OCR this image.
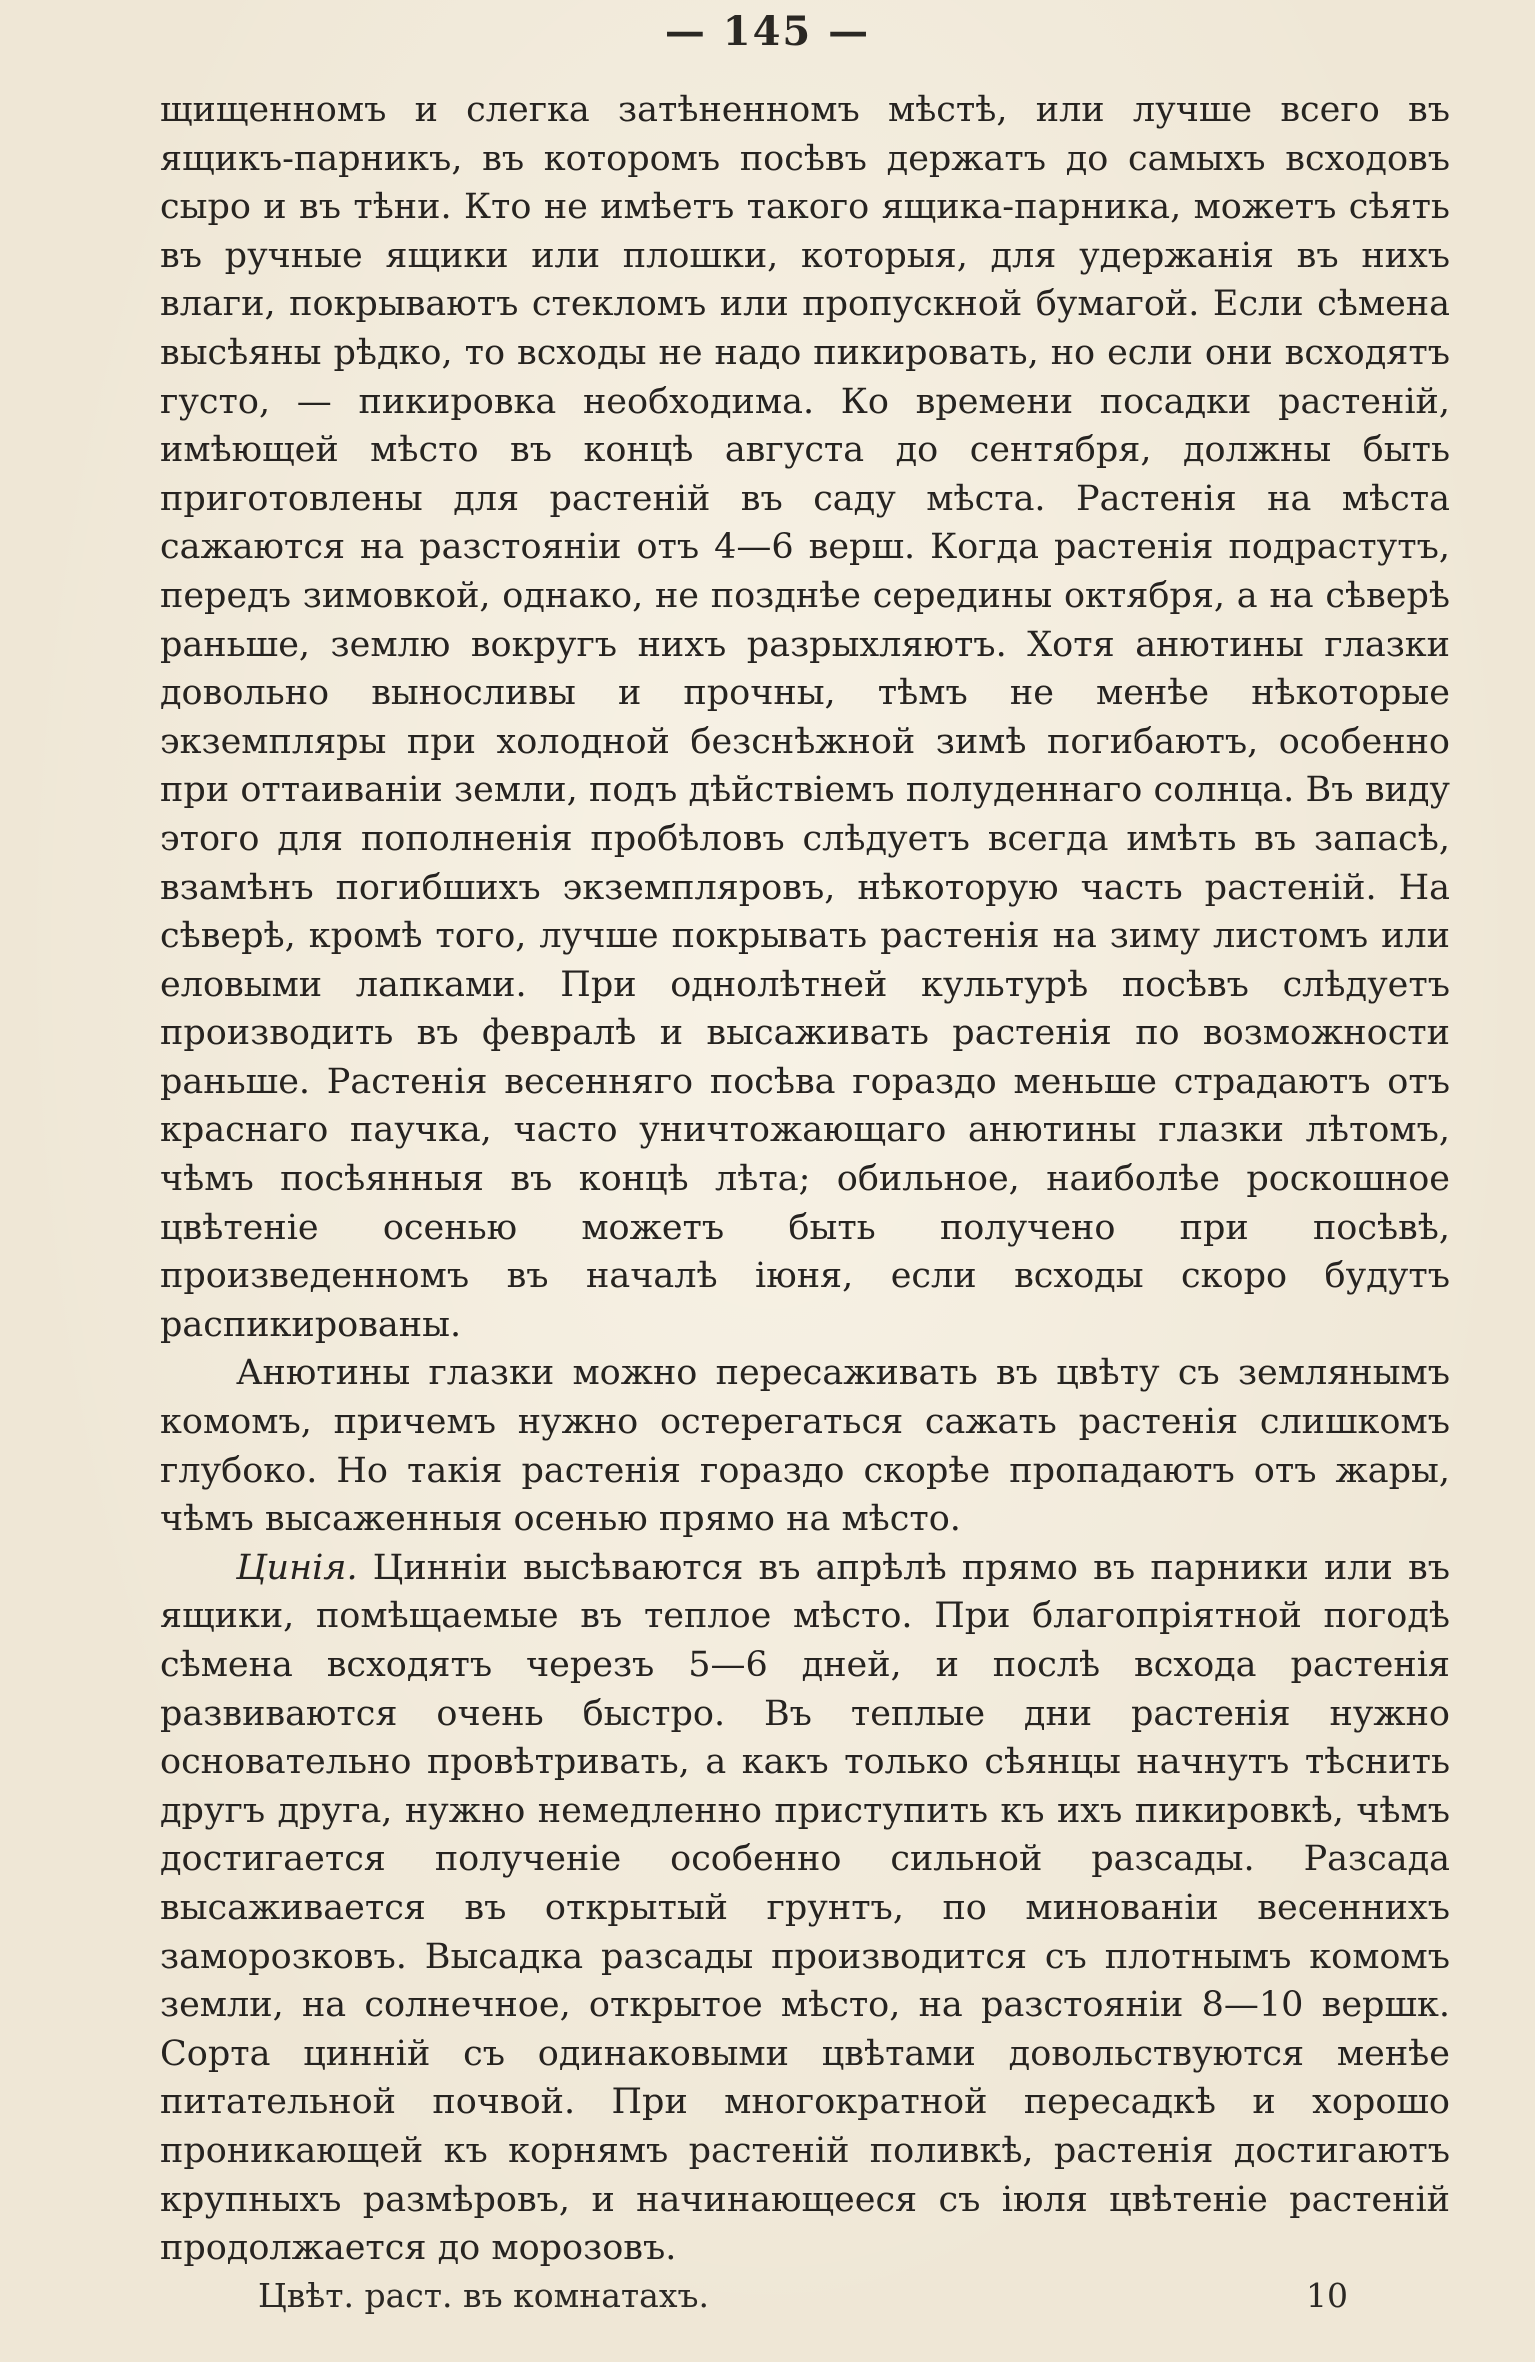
— 145 —

щищенномъ и слегка затѣненномъ мѣстѣ, или лучше всего въ ящикъ-парникъ, въ которомъ посѣвъ держатъ до самыхъ всходовъ сыро и въ тѣни. Кто не имѣетъ такого ящика-парника, можетъ сѣять въ ручные ящики или плошки, которыя, для удержанія въ нихъ влаги, покрываютъ стекломъ или пропускной бумагой. Если сѣмена высѣяны рѣдко, то всходы не надо пикировать, но если они всходятъ густо, — пикировка необходима. Ко времени посадки растеній, имѣющей мѣсто въ концѣ августа до сентября, должны быть приготовлены для растеній въ саду мѣста. Растенія на мѣста сажаются на разстояніи отъ 4—6 верш. Когда растенія подрастутъ, передъ зимовкой, однако, не позднѣе середины октября, а на сѣверѣ раньше, землю вокругъ нихъ разрыхляютъ. Хотя анютины глазки довольно выносливы и прочны, тѣмъ не менѣе нѣкоторые экземпляры при холодной безснѣжной зимѣ погибаютъ, особенно при оттаиваніи земли, подъ дѣйствіемъ полуденнаго солнца. Въ виду этого для пополненія пробѣловъ слѣдуетъ всегда имѣть въ запасѣ, взамѣнъ погибшихъ экземпляровъ, нѣкоторую часть растеній. На сѣверѣ, кромѣ того, лучше покрывать растенія на зиму листомъ или еловыми лапками. При однолѣтней культурѣ посѣвъ слѣдуетъ производить въ февралѣ и высаживать растенія по возможности раньше. Растенія весенняго посѣва гораздо меньше страдаютъ отъ краснаго паучка, часто уничтожающаго анютины глазки лѣтомъ, чѣмъ посѣянныя въ концѣ лѣта; обильное, наиболѣе роскошное цвѣтеніе осенью можетъ быть получено при посѣвѣ, произведенномъ въ началѣ іюня, если всходы скоро будутъ распикированы.

Анютины глазки можно пересаживать въ цвѣту съ землянымъ комомъ, причемъ нужно остерегаться сажать растенія слишкомъ глубоко. Но такія растенія гораздо скорѣе пропадаютъ отъ жары, чѣмъ высаженныя осенью прямо на мѣсто.

Цинія. Цинніи высѣваются въ апрѣлѣ прямо въ парники или въ ящики, помѣщаемые въ теплое мѣсто. При благопріятной погодѣ сѣмена всходятъ черезъ 5—6 дней, и послѣ всхода растенія развиваются очень быстро. Въ теплые дни растенія нужно основательно провѣтривать, а какъ только сѣянцы начнутъ тѣснить другъ друга, нужно немедленно приступить къ ихъ пикировкѣ, чѣмъ достигается полученіе особенно сильной разсады. Разсада высаживается въ открытый грунтъ, по минованіи весеннихъ заморозковъ. Высадка разсады производится съ плотнымъ комомъ земли, на солнечное, открытое мѣсто, на разстояніи 8—10 вершк. Сорта цинній съ одинаковыми цвѣтами довольствуются менѣе питательной почвой. При многократной пересадкѣ и хорошо проникающей къ корнямъ растеній поливкѣ, растенія достигаютъ крупныхъ размѣровъ, и начинающееся съ іюля цвѣтеніе растеній продолжается до морозовъ.

Цвѣт. раст. въ комнатахъ.	10
